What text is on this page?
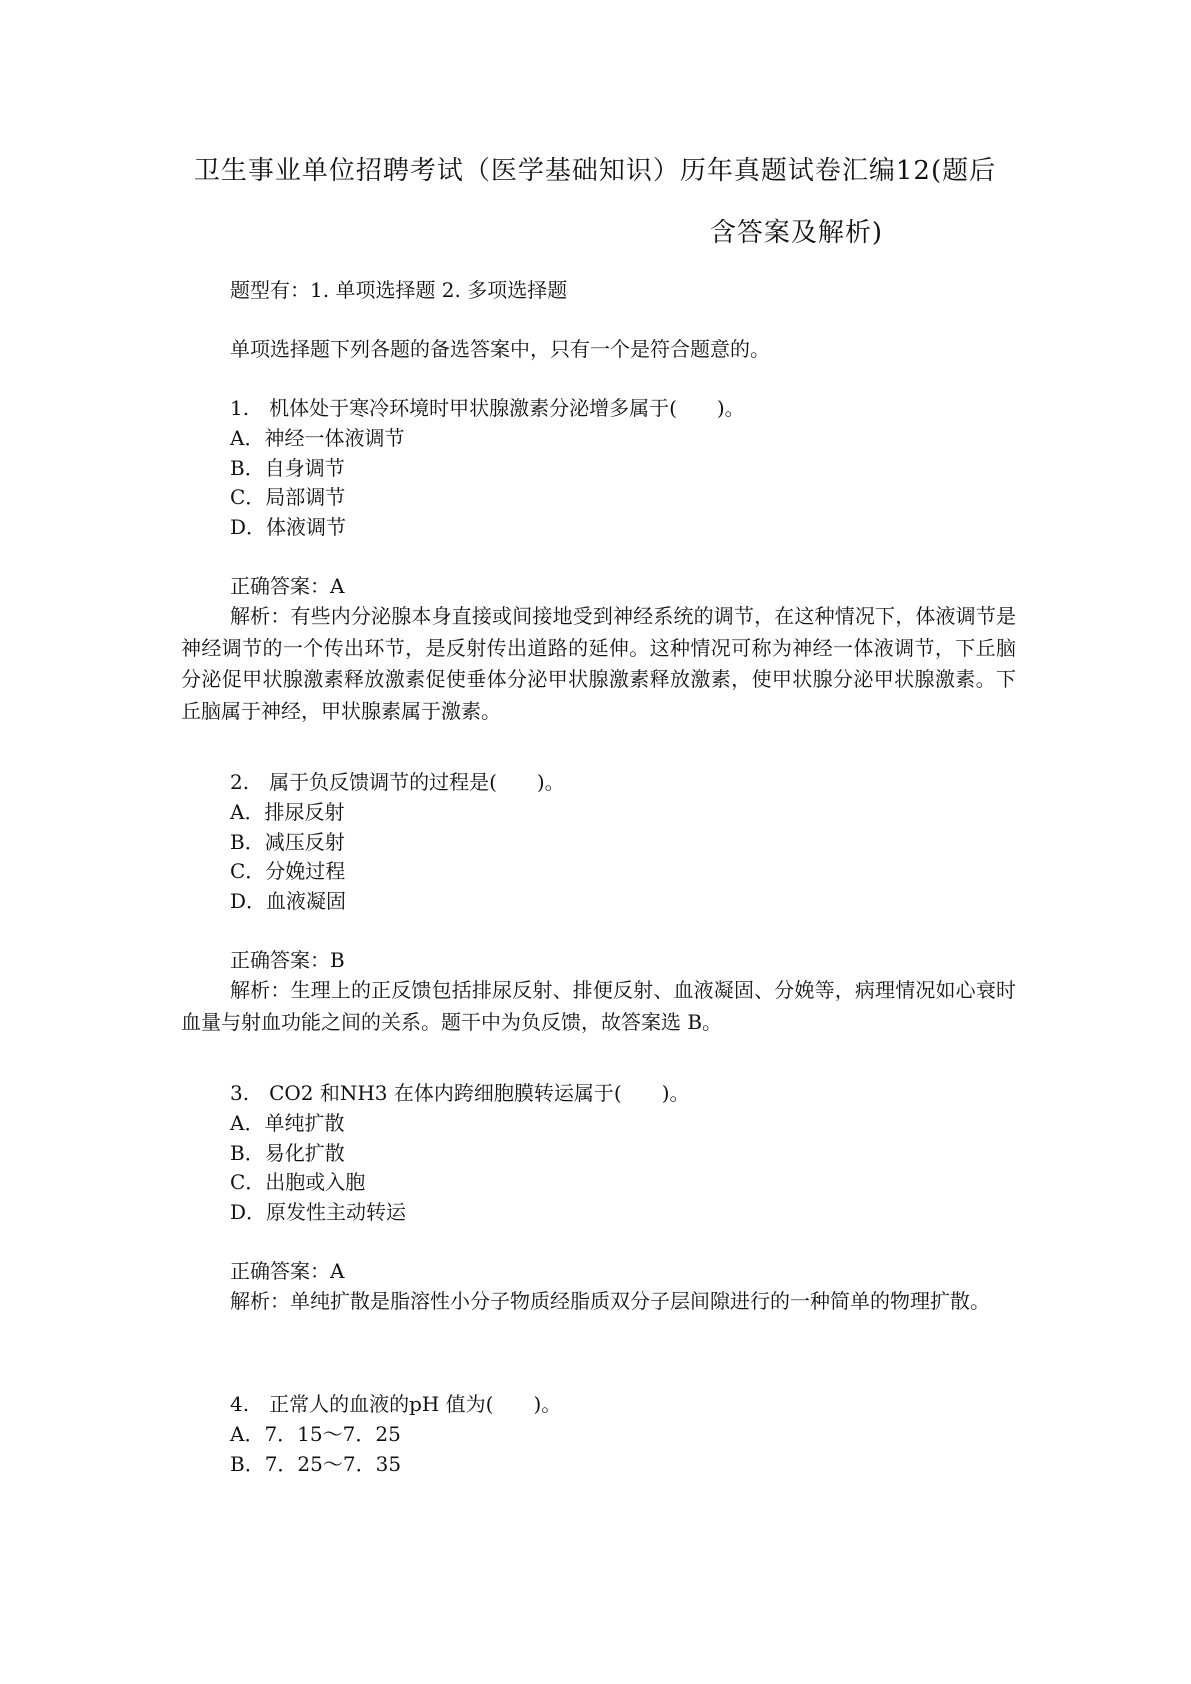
卫生事业单位招聘考试（医学基础知识）历年真题试卷汇编12(题后
含答案及解析)
题型有：1. 单项选择题 2. 多项选择题
单项选择题下列各题的备选答案中，只有一个是符合题意的。
1.　机体处于寒冷环境时甲状腺激素分泌增多属于(　　)。
A．神经一体液调节
B．自身调节
C．局部调节
D．体液调节
正确答案：A
解析：有些内分泌腺本身直接或间接地受到神经系统的调节，在这种情况下，体液调节是神经调节的一个传出环节，是反射传出道路的延伸。这种情况可称为神经一体液调节，下丘脑分泌促甲状腺激素释放激素促使垂体分泌甲状腺激素释放激素，使甲状腺分泌甲状腺激素。下丘脑属于神经，甲状腺素属于激素。
2.　属于负反馈调节的过程是(　　)。
A．排尿反射
B．减压反射
C．分娩过程
D．血液凝固
正确答案：B
解析：生理上的正反馈包括排尿反射、排便反射、血液凝固、分娩等，病理情况如心衰时血量与射血功能之间的关系。题干中为负反馈，故答案选 B。
3.　CO2 和NH3 在体内跨细胞膜转运属于(　　)。
A．单纯扩散
B．易化扩散
C．出胞或入胞
D．原发性主动转运
正确答案：A
解析：单纯扩散是脂溶性小分子物质经脂质双分子层间隙进行的一种简单的物理扩散。
4.　正常人的血液的pH 值为(　　)。
A．7．15～7．25
B．7．25～7．35
